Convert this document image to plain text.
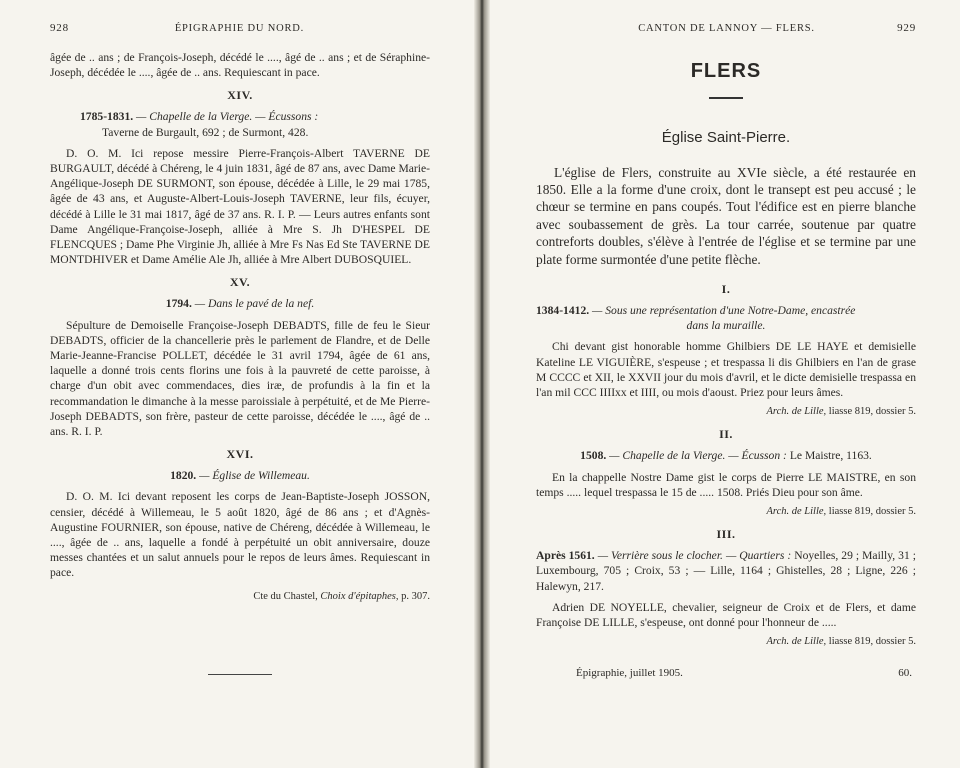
928	ÉPIGRAPHIE DU NORD.

âgée de .. ans ; de François-Joseph, décédé le ...., âgé de .. ans ; et de Séraphine-Joseph, décédée le ...., âgée de .. ans. Requiescant in pace.

XIV.
1785-1831. — Chapelle de la Vierge. — Écussons :
Taverne de Burgault, 692 ; de Surmont, 428.

D. O. M. Ici repose messire Pierre-François-Albert TAVERNE DE BURGAULT, décédé à Chéreng, le 4 juin 1831, âgé de 87 ans, avec Dame Marie-Angélique-Joseph DE SURMONT, son épouse, décédée à Lille, le 29 mai 1785, âgée de 43 ans, et Auguste-Albert-Louis-Joseph TAVERNE, leur fils, écuyer, décédé à Lille le 31 mai 1817, âgé de 37 ans. R. I. P. — Leurs autres enfants sont Dame Angélique-Françoise-Joseph, alliée à Mre S. Jh D'HESPEL DE FLENCQUES ; Dame Phe Virginie Jh, alliée à Mre Fs Nas Ed Ste TAVERNE DE MONTDHIVER et Dame Amélie Ale Jh, alliée à Mre Albert DUBOSQUIEL.

XV.
1794. — Dans le pavé de la nef.

Sépulture de Demoiselle Françoise-Joseph DEBADTS, fille de feu le Sieur DEBADTS, officier de la chancellerie près le parlement de Flandre, et de Delle Marie-Jeanne-Francise POLLET, décédée le 31 avril 1794, âgée de 61 ans, laquelle a donné trois cents florins une fois à la pauvreté de cette paroisse, à charge d'un obit avec commendaces, dies iræ, de profundis à la fin et la recommandation le dimanche à la messe paroissiale à perpétuité, et de Me Pierre-Joseph DEBADTS, son frère, pasteur de cette paroisse, décédée le ...., âgé de .. ans. R. I. P.

XVI.
1820. — Église de Willemeau.

D. O. M. Ici devant reposent les corps de Jean-Baptiste-Joseph JOSSON, censier, décédé à Willemeau, le 5 août 1820, âgé de 86 ans ; et d'Agnès-Augustine FOURNIER, son épouse, native de Chéreng, décédée à Willemeau, le ...., âgée de .. ans, laquelle a fondé à perpétuité un obit anniversaire, douze messes chantées et un salut annuels pour le repos de leurs âmes. Requiescant in pace.

Cte du Chastel, Choix d'épitaphes, p. 307.

CANTON DE LANNOY — FLERS.	929
FLERS
Église Saint-Pierre.

L'église de Flers, construite au XVIe siècle, a été restaurée en 1850. Elle a la forme d'une croix, dont le transept est peu accusé ; le chœur se termine en pans coupés. Tout l'édifice est en pierre blanche avec soubassement de grès. La tour carrée, soutenue par quatre contreforts doubles, s'élève à l'entrée de l'église et se termine par une plate forme surmontée d'une petite flèche.

I.
1384-1412. — Sous une représentation d'une Notre-Dame, encastrée
dans la muraille.

Chi devant gist honorable homme Ghilbiers DE LE HAYE et demisielle Kateline LE VIGUIÈRE, s'espeuse ; et trespassa li dis Ghilbiers en l'an de grase M CCCC et XII, le XXVII jour du mois d'avril, et le dicte demisielle trespassa en l'an mil CCC IIIIxx et IIII, ou mois d'aoust. Priez pour leurs âmes.

Arch. de Lille, liasse 819, dossier 5.

II.
1508. — Chapelle de la Vierge. — Écusson : Le Maistre, 1163.

En la chappelle Nostre Dame gist le corps de Pierre LE MAISTRE, en son temps ..... lequel trespassa le 15 de ..... 1508. Priés Dieu pour son âme.

Arch. de Lille, liasse 819, dossier 5.

III.

Après 1561. — Verrière sous le clocher. — Quartiers : Noyelles, 29 ; Mailly, 31 ; Luxembourg, 705 ; Croix, 53 ; — Lille, 1164 ; Ghistelles, 28 ; Ligne, 226 ; Halewyn, 217.

Adrien DE NOYELLE, chevalier, seigneur de Croix et de Flers, et dame Françoise DE LILLE, s'espeuse, ont donné pour l'honneur de .....

Arch. de Lille, liasse 819, dossier 5.

Épigraphie, juillet 1905.	60.
